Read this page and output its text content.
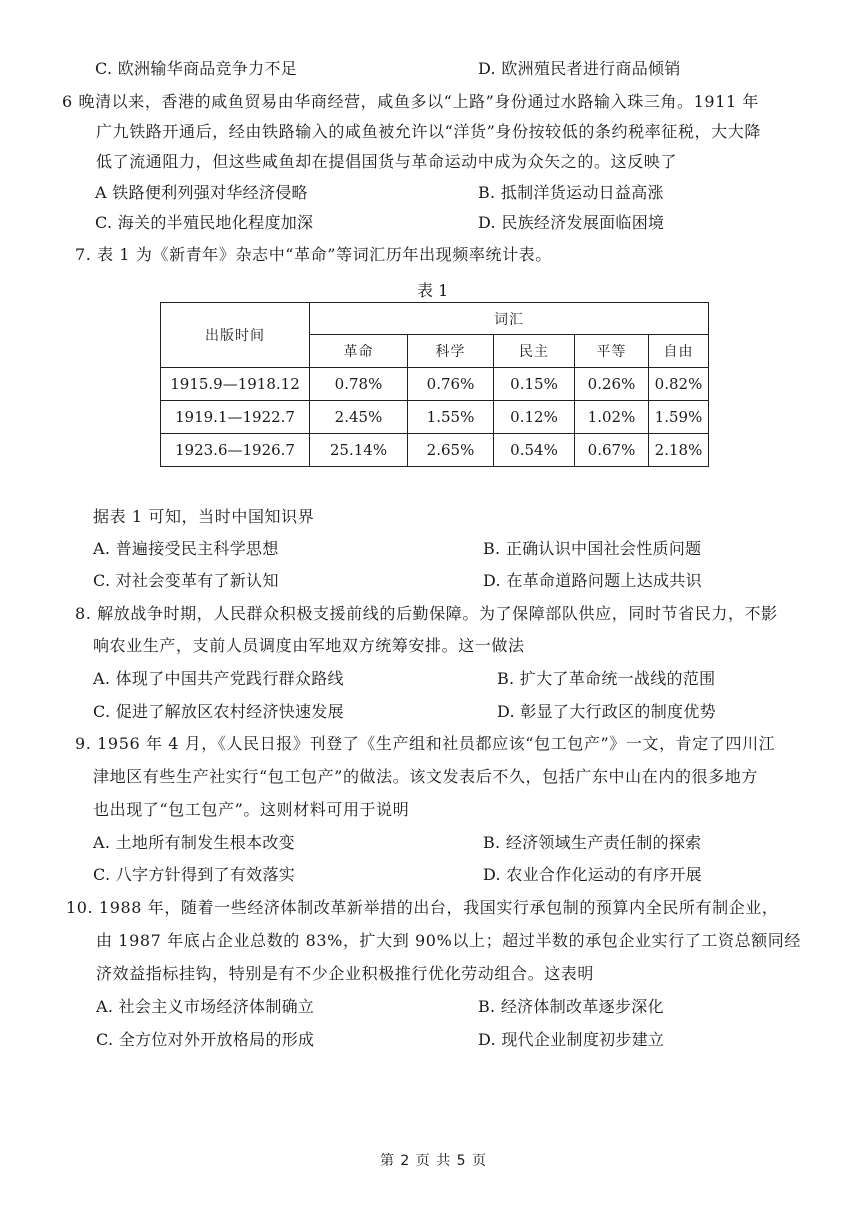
C. 欧洲输华商品竞争力不足	D. 欧洲殖民者进行商品倾销
6 晚清以来，香港的咸鱼贸易由华商经营，咸鱼多以“上路”身份通过水路输入珠三角。1911 年
广九铁路开通后，经由铁路输入的咸鱼被允许以“洋货”身份按较低的条约税率征税，大大降
低了流通阻力，但这些咸鱼却在提倡国货与革命运动中成为众矢之的。这反映了
A 铁路便利列强对华经济侵略	B. 抵制洋货运动日益高涨
C. 海关的半殖民地化程度加深	D. 民族经济发展面临困境
7. 表 1 为《新青年》杂志中“革命”等词汇历年出现频率统计表。
表 1
出版时间	词汇				
	革命	科学	民主	平等	自由
1915.9—1918.12	0.78%	0.76%	0.15%	0.26%	0.82%
1919.1—1922.7	2.45%	1.55%	0.12%	1.02%	1.59%
1923.6—1926.7	25.14%	2.65%	0.54%	0.67%	2.18%
据表 1 可知，当时中国知识界
A. 普遍接受民主科学思想	B. 正确认识中国社会性质问题
C. 对社会变革有了新认知	D. 在革命道路问题上达成共识
8. 解放战争时期，人民群众积极支援前线的后勤保障。为了保障部队供应，同时节省民力，不影
响农业生产，支前人员调度由军地双方统筹安排。这一做法
A. 体现了中国共产党践行群众路线	B. 扩大了革命统一战线的范围
C. 促进了解放区农村经济快速发展	D. 彰显了大行政区的制度优势
9. 1956 年 4 月，《人民日报》刊登了《生产组和社员都应该“包工包产”》一文，肯定了四川江
津地区有些生产社实行“包工包产”的做法。该文发表后不久，包括广东中山在内的很多地方
也出现了“包工包产”。这则材料可用于说明
A. 土地所有制发生根本改变	B. 经济领域生产责任制的探索
C. 八字方针得到了有效落实	D. 农业合作化运动的有序开展
10. 1988 年，随着一些经济体制改革新举措的出台，我国实行承包制的预算内全民所有制企业，
由 1987 年底占企业总数的 83%，扩大到 90%以上；超过半数的承包企业实行了工资总额同经
济效益指标挂钩，特别是有不少企业积极推行优化劳动组合。这表明
A. 社会主义市场经济体制确立	B. 经济体制改革逐步深化
C. 全方位对外开放格局的形成	D. 现代企业制度初步建立
第 2 页 共 5 页
